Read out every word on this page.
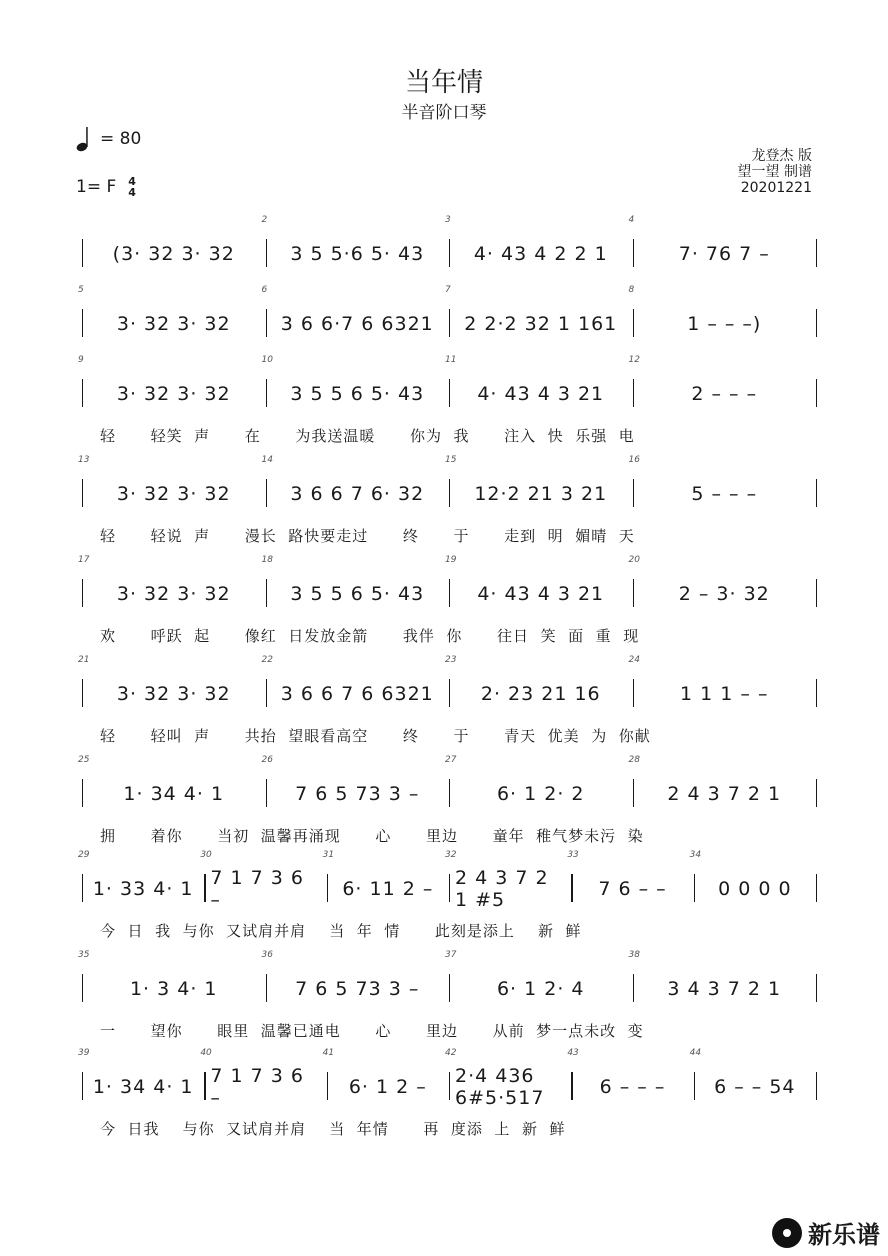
当年情
半音阶口琴
= 80
1= F 4
4
龙登杰 版
望一望 制谱
20201221
(3· 32 3· 32
2
3 5 5·6 5· 43
3
4· 43 4 2 2 1
4
7· 76 7 –
5
3· 32 3· 32
6
3 6 6·7 6 6321
7
2 2·2 32 1 161
8
1 – – –)
9
3· 32 3· 32
10
3 5 5 6 5· 43
11
4· 43 4 3 21
12
2 – – –
轻      轻笑  声      在      为我送温暖      你为  我      注入  快  乐强  电
13
3· 32 3· 32
14
3 6 6 7 6· 32
15
12·2 21 3 21
16
5 – – –
轻      轻说  声      漫长  路快要走过      终      于      走到  明  媚晴  天
17
3· 32 3· 32
18
3 5 5 6 5· 43
19
4· 43 4 3 21
20
2 – 3· 32
欢      呼跃  起      像红  日发放金箭      我伴  你      往日  笑  面  重  现
21
3· 32 3· 32
22
3 6 6 7 6 6321
23
2· 23 21 16
24
1 1 1 – –
轻      轻叫  声      共抬  望眼看高空      终      于      青天  优美  为  你献
25
1· 34 4· 1
26
7 6 5 73 3 –
27
6· 1 2· 2
28
2 4 3 7 2 1
拥      着你      当初  温馨再涌现      心      里边      童年  稚气梦未污  染
29
1· 33 4· 1
30
7 1 7 3 6 –
31
6· 11 2 –
32
2 4 3 7 2 1 #5
33
7 6 – –
34
0 0 0 0
今  日  我  与你  又试肩并肩    当  年  情      此刻是添上    新  鲜
35
1· 3 4· 1
36
7 6 5 73 3 –
37
6· 1 2· 4
38
3 4 3 7 2 1
一      望你      眼里  温馨已通电      心      里边      从前  梦一点未改  变
39
1· 34 4· 1
40
7 1 7 3 6 –
41
6· 1 2 –
42
2·4 436 6#5·517
43
6 – – –
44
6 – – 54
今  日我    与你  又试肩并肩    当  年情      再  度添  上  新  鲜
新乐谱
